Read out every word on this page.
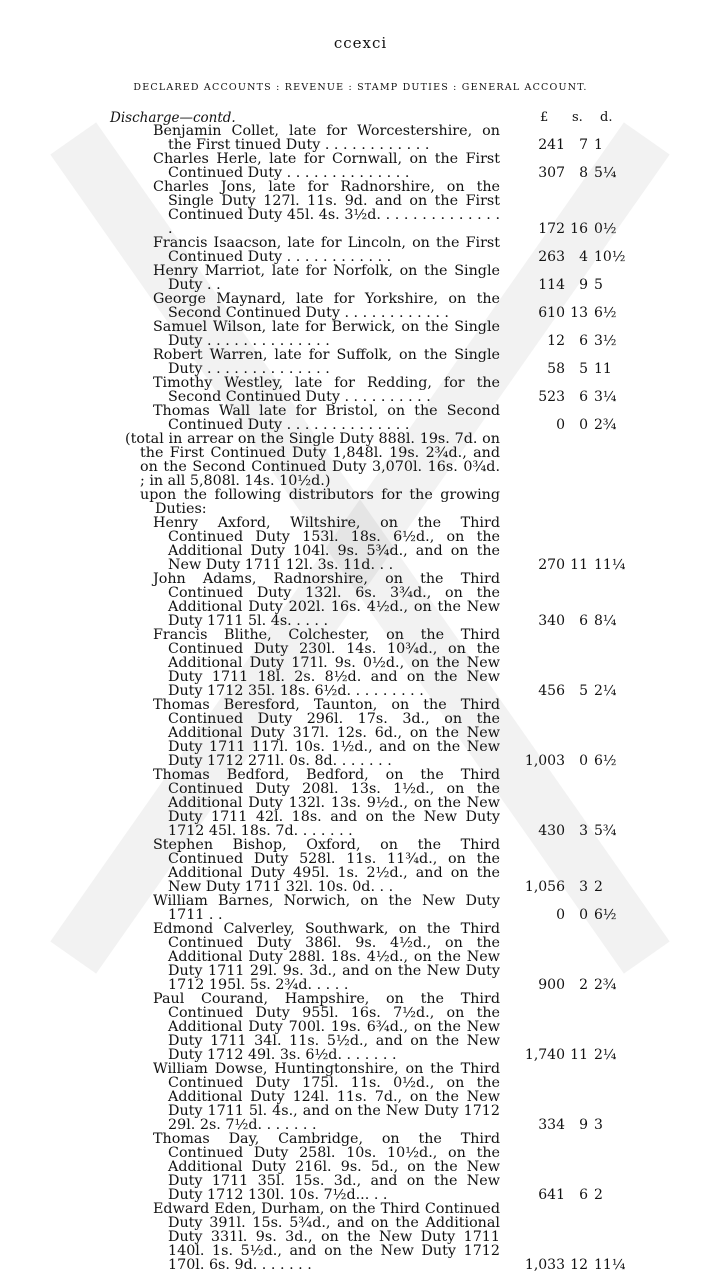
ccexci
DECLARED ACCOUNTS : REVENUE : STAMP DUTIES : GENERAL ACCOUNT.
Discharge—contd.	£ s. d.
Benjamin Collet, late for Worcestershire, on the First tinued Duty . . . . . . . . . . . .	241	7 1
Charles Herle, late for Cornwall, on the First Continued Duty . . . . . . . . . . . . . .	307	8 5¼
Charles Jons, late for Radnorshire, on the Single Duty 127l. 11s. 9d. and on the First Continued Duty 45l. 4s. 3½d. . . . . . . . . . . . . . .	172 16 0½
Francis Isaacson, late for Lincoln, on the First Continued Duty . . . . . . . . . . . .	263	4 10½
Henry Marriot, late for Norfolk, on the Single Duty . .	114	9 5
George Maynard, late for Yorkshire, on the Second Continued Duty . . . . . . . . . . . .	610 13 6½
Samuel Wilson, late for Berwick, on the Single Duty . . . . . . . . . . . . . .	12	6 3½
Robert Warren, late for Suffolk, on the Single Duty . . . . . . . . . . . . . .	58	5 11
Timothy Westley, late for Redding, for the Second Continued Duty . . . . . . . . . .	523	6 3¼
Thomas Wall late for Bristol, on the Second Continued Duty . . . . . . . . . . . . . .	0	0 2¾
(total in arrear on the Single Duty 888l. 19s. 7d. on the First Continued Duty 1,848l. 19s. 2¾d., and on the Second Continued Duty 3,070l. 16s. 0¾d. ; in all 5,808l. 14s. 10½d.)
upon the following distributors for the growing Duties:
Henry Axford, Wiltshire, on the Third Continued Duty 153l. 18s. 6½d., on the Additional Duty 104l. 9s. 5¾d., and on the New Duty 1711 12l. 3s. 11d. . .	270 11 11¼
John Adams, Radnorshire, on the Third Continued Duty 132l. 6s. 3¾d., on the Additional Duty 202l. 16s. 4½d., on the New Duty 1711 5l. 4s. . . . .	340	6 8¼
Francis Blithe, Colchester, on the Third Continued Duty 230l. 14s. 10¾d., on the Additional Duty 171l. 9s. 0½d., on the New Duty 1711 18l. 2s. 8½d. and on the New Duty 1712 35l. 18s. 6½d. . . . . . . . .	456	5 2¼
Thomas Beresford, Taunton, on the Third Continued Duty 296l. 17s. 3d., on the Additional Duty 317l. 12s. 6d., on the New Duty 1711 117l. 10s. 1½d., and on the New Duty 1712 271l. 0s. 8d. . . . . . .	1,003	0 6½
Thomas Bedford, Bedford, on the Third Continued Duty 208l. 13s. 1½d., on the Additional Duty 132l. 13s. 9½d., on the New Duty 1711 42l. 18s. and on the New Duty 1712 45l. 18s. 7d. . . . . . .	430	3 5¾
Stephen Bishop, Oxford, on the Third Continued Duty 528l. 11s. 11¾d., on the Additional Duty 495l. 1s. 2½d., and on the New Duty 1711 32l. 10s. 0d. . .	1,056	3 2
William Barnes, Norwich, on the New Duty 1711 . .	0	0 6½
Edmond Calverley, Southwark, on the Third Continued Duty 386l. 9s. 4½d., on the Additional Duty 288l. 18s. 4½d., on the New Duty 1711 29l. 9s. 3d., and on the New Duty 1712 195l. 5s. 2¾d. . . . .	900	2 2¾
Paul Courand, Hampshire, on the Third Continued Duty 955l. 16s. 7½d., on the Additional Duty 700l. 19s. 6¾d., on the New Duty 1711 34l. 11s. 5½d., and on the New Duty 1712 49l. 3s. 6½d. . . . . . .	1,740 11 2¼
William Dowse, Huntingtonshire, on the Third Continued Duty 175l. 11s. 0½d., on the Additional Duty 124l. 11s. 7d., on the New Duty 1711 5l. 4s., and on the New Duty 1712 29l. 2s. 7½d. . . . . . .	334	9 3
Thomas Day, Cambridge, on the Third Continued Duty 258l. 10s. 10½d., on the Additional Duty 216l. 9s. 5d., on the New Duty 1711 35l. 15s. 3d., and on the New Duty 1712 130l. 10s. 7½d... . .	641	6 2
Edward Eden, Durham, on the Third Continued Duty 391l. 15s. 5¾d., and on the Additional Duty 331l. 9s. 3d., on the New Duty 1711 140l. 1s. 5½d., and on the New Duty 1712 170l. 6s. 9d. . . . . . .	1,033 12 11¼
